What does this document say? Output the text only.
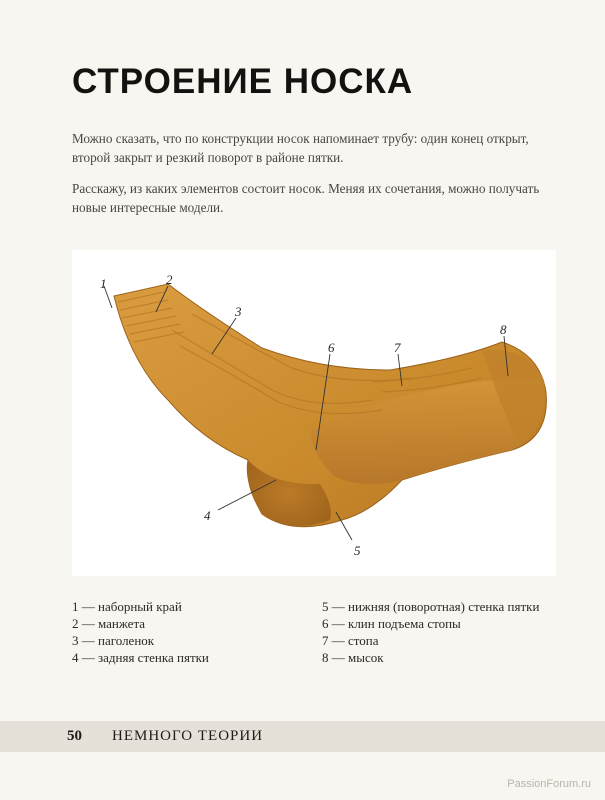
СТРОЕНИЕ НОСКА

Можно сказать, что по конструкции носок напоминает трубу: один конец открыт, второй закрыт и резкий поворот в районе пятки.

Расскажу, из каких элементов состоит носок. Меняя их сочетания, можно получать новые интересные модели.

1	2
3
4
5
6	7
8
1 — наборный край
2 — манжета
3 — паголенок
4 — задняя стенка пятки
5 — нижняя (поворотная) стенка пятки
6 — клин подъема стопы
7 — стопа
8 — мысок
50 НЕМНОГО ТЕОРИИ
PassionForum.ru
